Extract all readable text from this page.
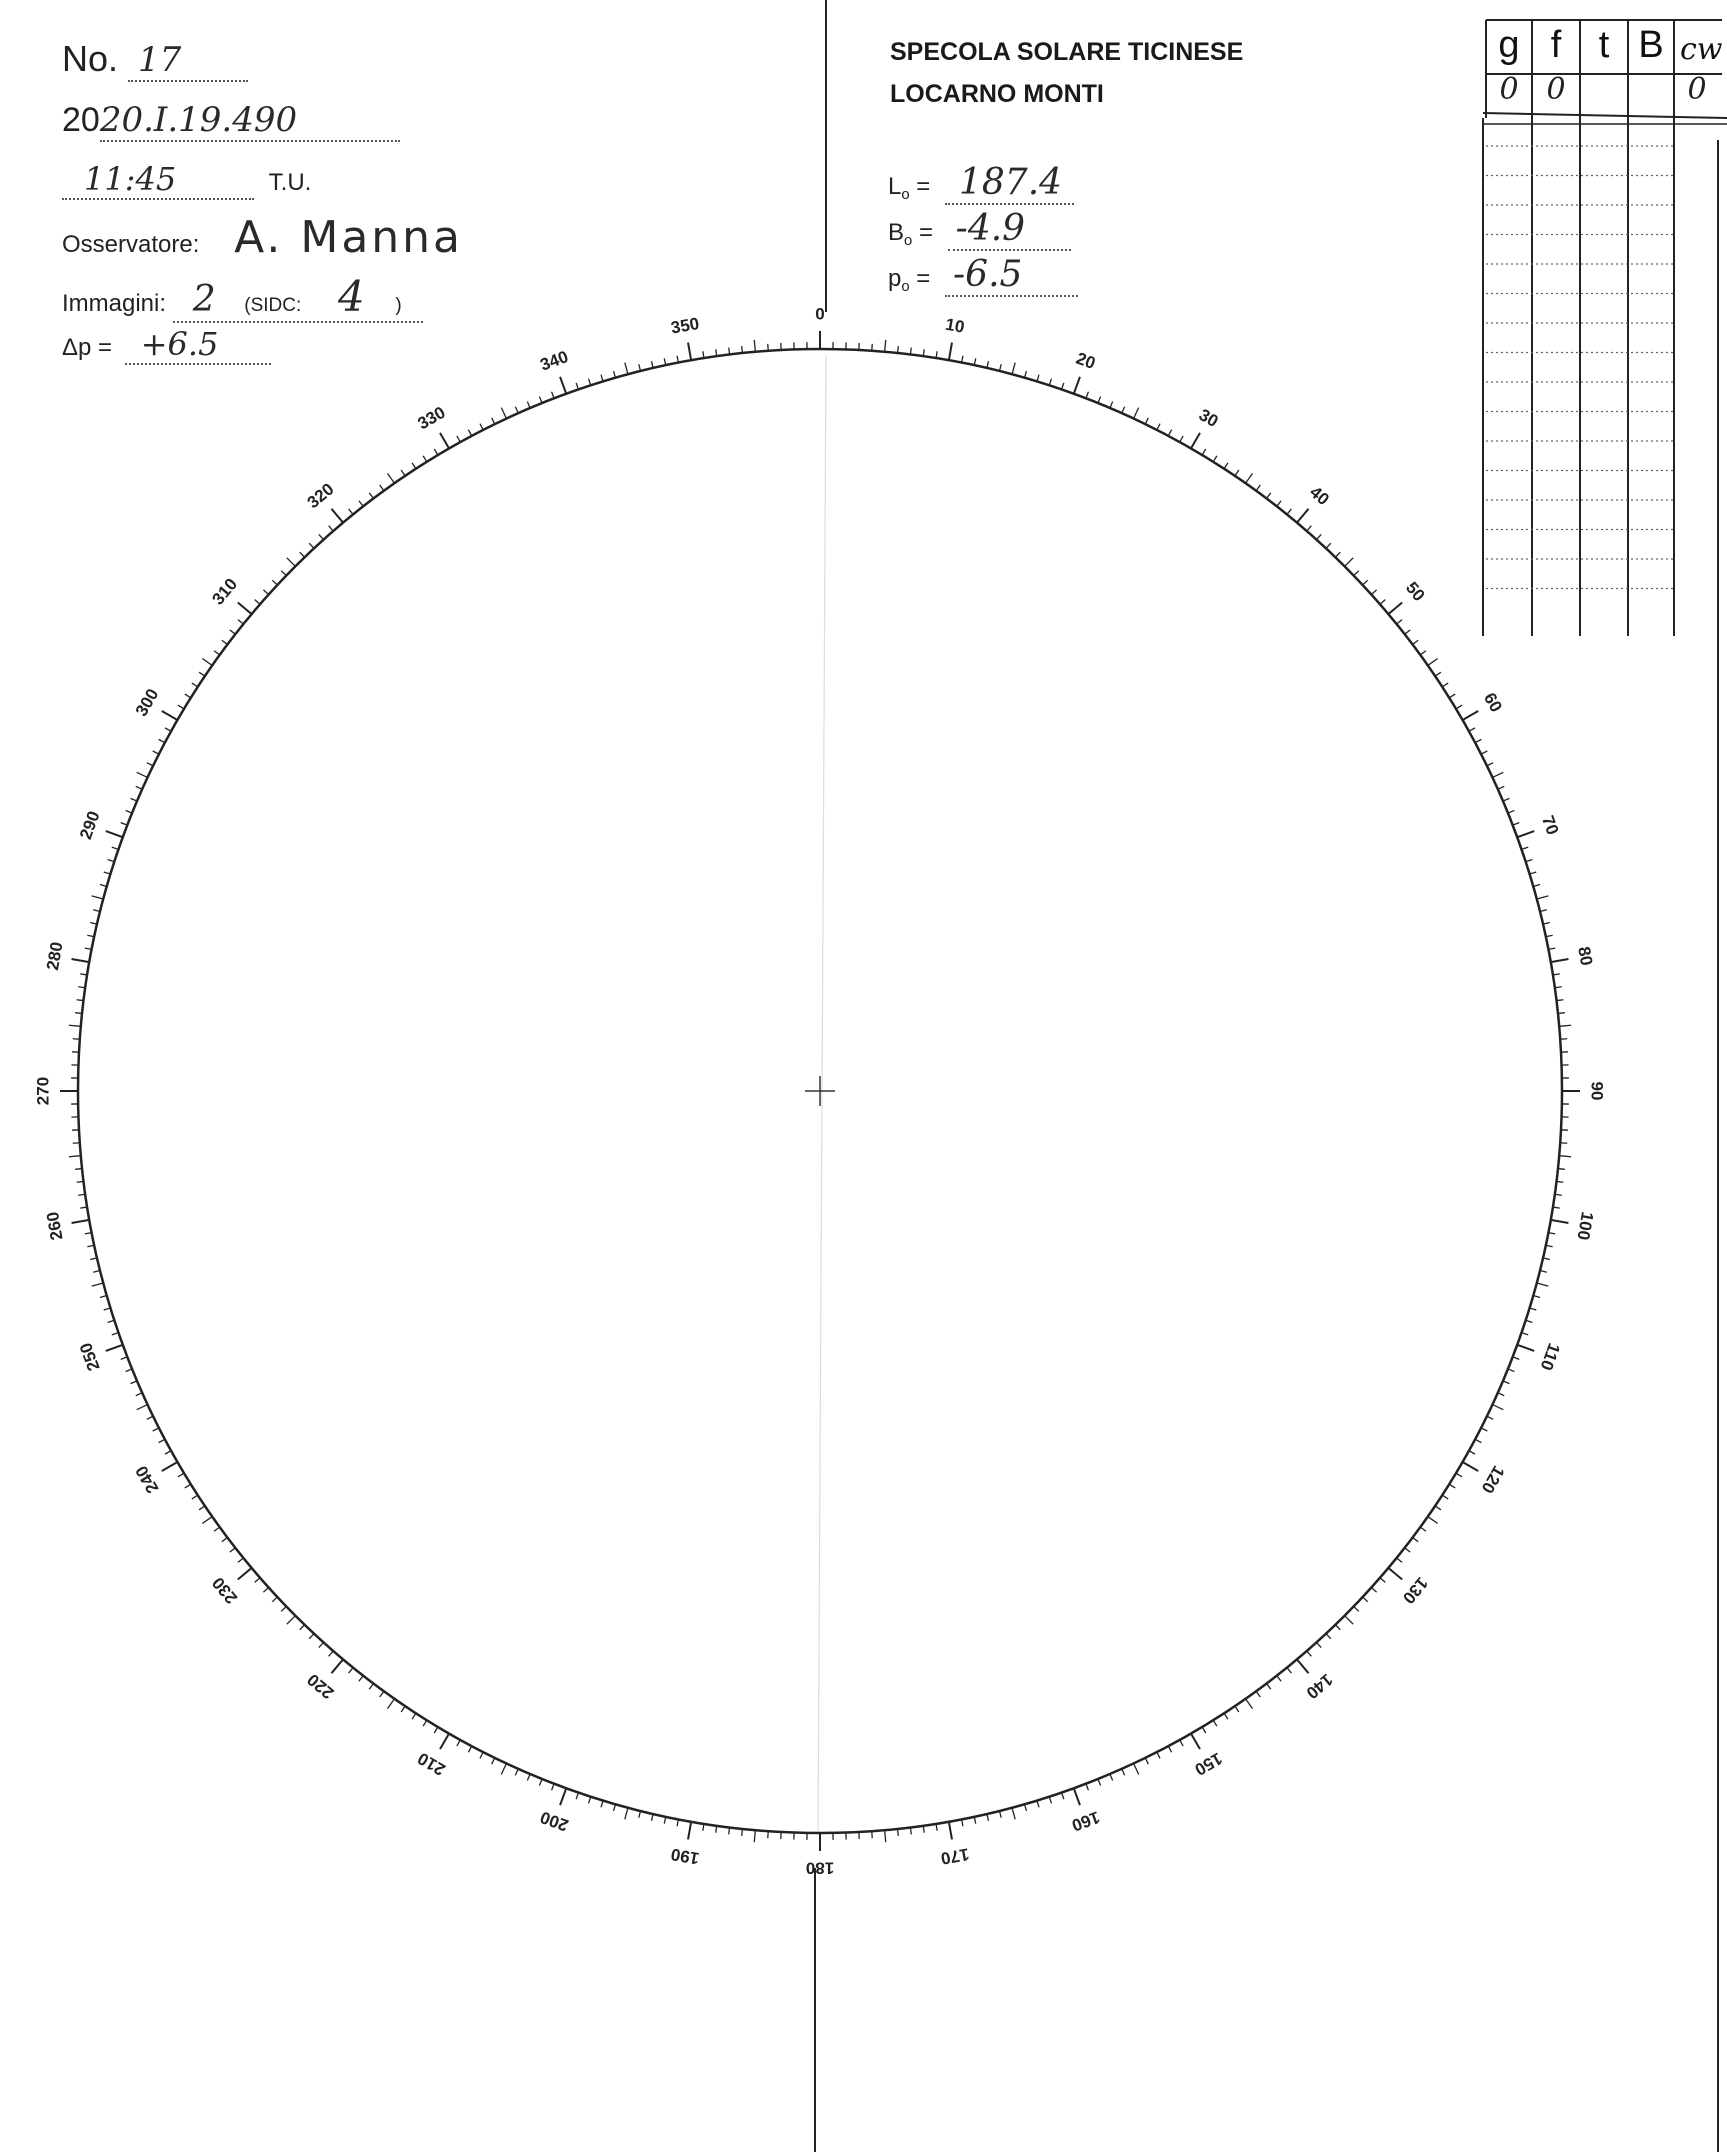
No. 17
2020.I.19.490
11:45	T.U.
Osservatore: A. Manna
Immagini: 2 (SIDC: 4 )
Δp = +6.5
SPECOLA SOLARE TICINESE
LOCARNO MONTI
$L_o = 187.4$
$B_o = -4.9$
$p_o = -6.5$
0
10
20
30
40
50
60
70
80
90
100
110
120
130
140
150
160
170
180
190
200
210
220
230
240
250
260
270
280
290
300
310
320
330
340
350
g f t B cw
0 0	0
